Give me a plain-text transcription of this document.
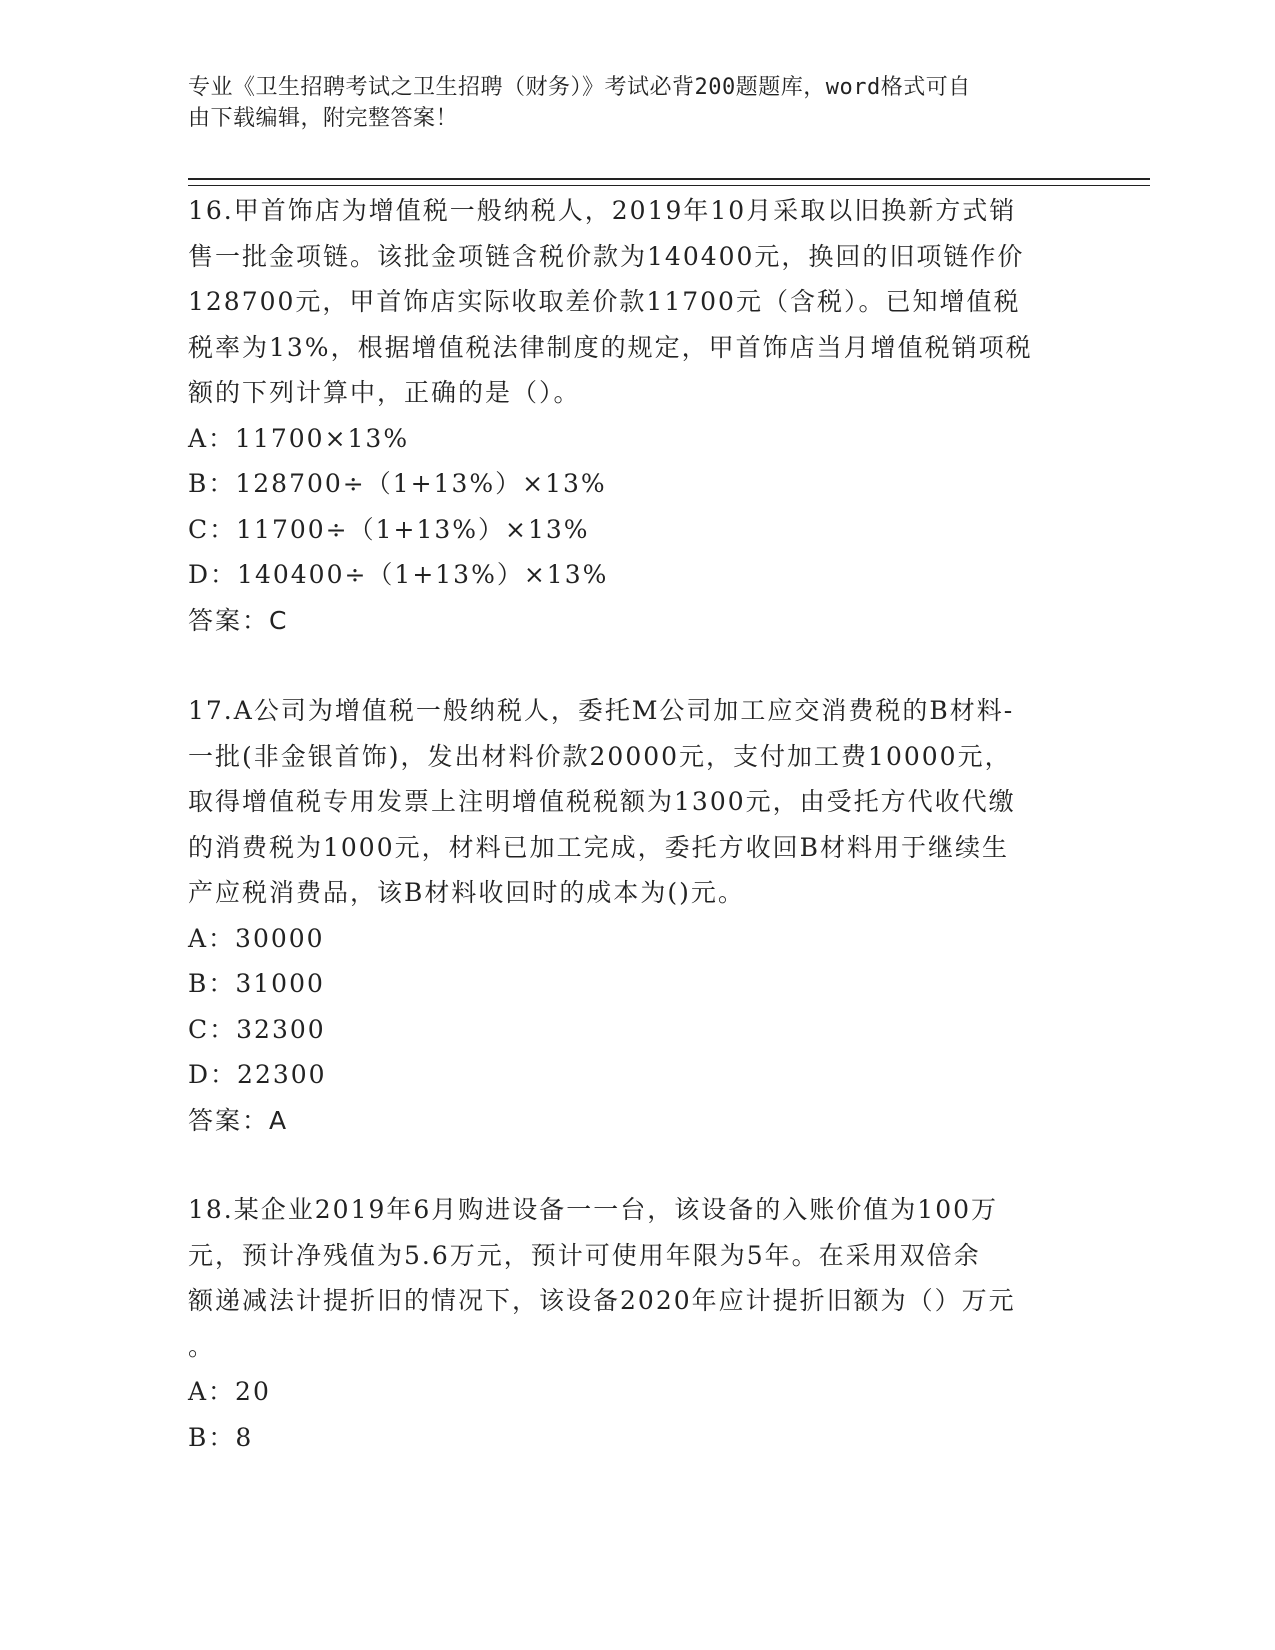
专业《卫生招聘考试之卫生招聘（财务）》考试必背200题题库，word格式可自
由下载编辑，附完整答案！
16.甲首饰店为增值税一般纳税人，2019年10月采取以旧换新方式销
售一批金项链。该批金项链含税价款为140400元，换回的旧项链作价
128700元，甲首饰店实际收取差价款11700元（含税）。已知增值税
税率为13%，根据增值税法律制度的规定，甲首饰店当月增值税销项税
额的下列计算中，正确的是（）。
A：11700×13%
B：128700÷（1+13%）×13%
C：11700÷（1+13%）×13%
D：140400÷（1+13%）×13%
答案：C
17.A公司为增值税一般纳税人，委托M公司加工应交消费税的B材料-
一批(非金银首饰)，发出材料价款20000元，支付加工费10000元，
取得增值税专用发票上注明增值税税额为1300元，由受托方代收代缴
的消费税为1000元，材料已加工完成，委托方收回B材料用于继续生
产应税消费品，该B材料收回时的成本为()元。
A：30000
B：31000
C：32300
D：22300
答案：A
18.某企业2019年6月购进设备一一台，该设备的入账价值为100万
元，预计净残值为5.6万元，预计可使用年限为5年。在采用双倍余
额递减法计提折旧的情况下，该设备2020年应计提折旧额为（）万元
。
A：20
B：8
